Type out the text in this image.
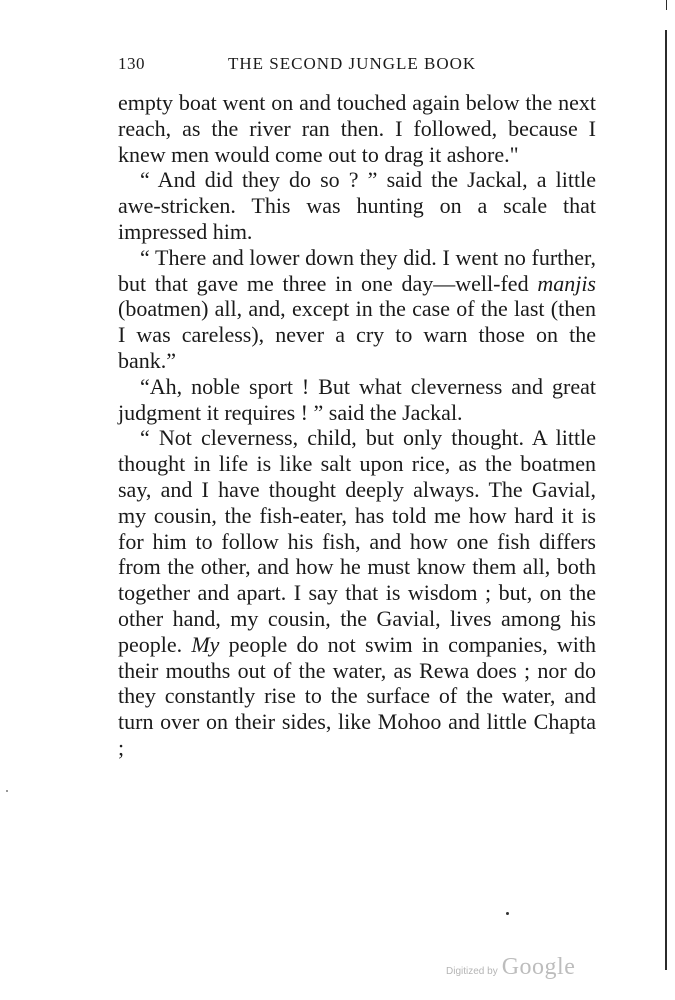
130	THE SECOND JUNGLE BOOK

empty boat went on and touched again below the next reach, as the river ran then. I followed, because I knew men would come out to drag it ashore."

“ And did they do so ? ” said the Jackal, a little awe-stricken. This was hunting on a scale that impressed him.

“ There and lower down they did. I went no further, but that gave me three in one day—well-fed manjis (boatmen) all, and, except in the case of the last (then I was careless), never a cry to warn those on the bank.”

“Ah, noble sport ! But what cleverness and great judgment it requires ! ” said the Jackal.

“ Not cleverness, child, but only thought. A little thought in life is like salt upon rice, as the boatmen say, and I have thought deeply always. The Gavial, my cousin, the fish-eater, has told me how hard it is for him to follow his fish, and how one fish differs from the other, and how he must know them all, both together and apart. I say that is wisdom ; but, on the other hand, my cousin, the Gavial, lives among his people. My people do not swim in companies, with their mouths out of the water, as Rewa does ; nor do they constantly rise to the surface of the water, and turn over on their sides, like Mohoo and little Chapta ;

Digitized by Google
